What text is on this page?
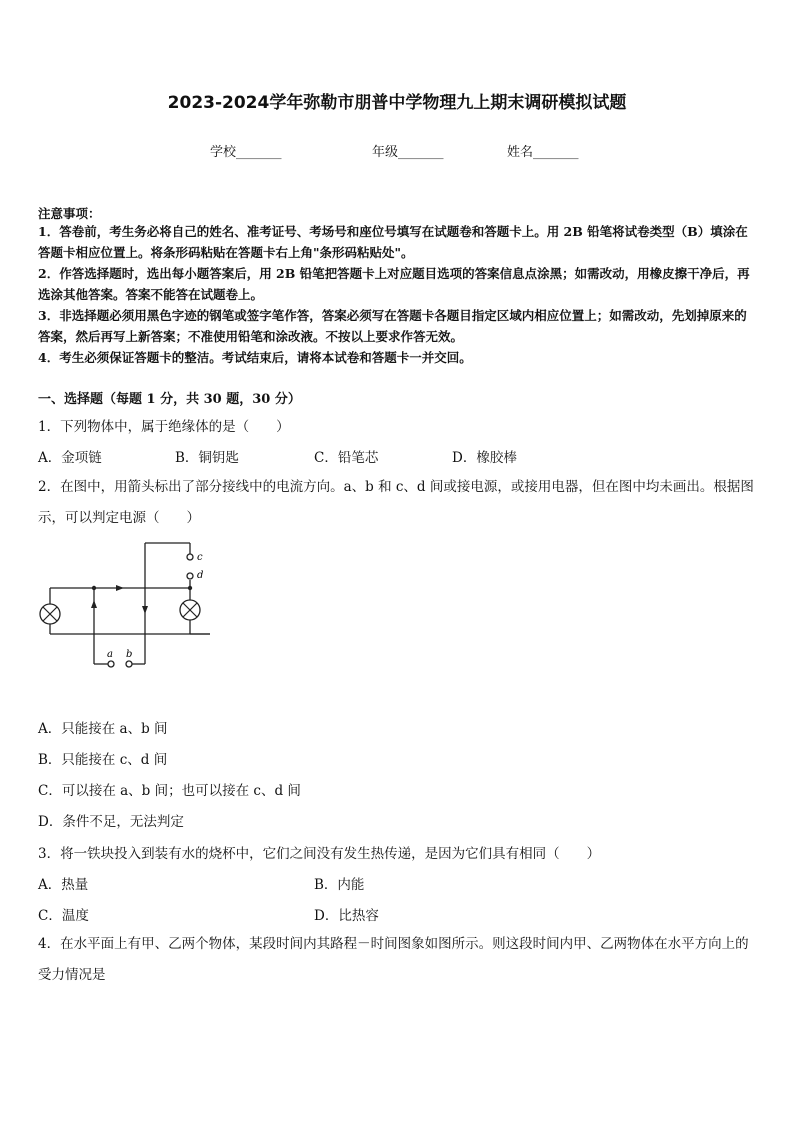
2023-2024学年弥勒市朋普中学物理九上期末调研模拟试题
学校_______	年级_______	姓名_______
注意事项：
1．答卷前，考生务必将自己的姓名、准考证号、考场号和座位号填写在试题卷和答题卡上。用 2B 铅笔将试卷类型（B）填涂在答题卡相应位置上。将条形码粘贴在答题卡右上角"条形码粘贴处"。
2．作答选择题时，选出每小题答案后，用 2B 铅笔把答题卡上对应题目选项的答案信息点涂黑；如需改动，用橡皮擦干净后，再选涂其他答案。答案不能答在试题卷上。
3．非选择题必须用黑色字迹的钢笔或签字笔作答，答案必须写在答题卡各题目指定区域内相应位置上；如需改动，先划掉原来的答案，然后再写上新答案；不准使用铅笔和涂改液。不按以上要求作答无效。
4．考生必须保证答题卡的整洁。考试结束后，请将本试卷和答题卡一并交回。
一、选择题（每题 1 分，共 30 题，30 分）
1．下列物体中，属于绝缘体的是（　　）
A．金项链	B．铜钥匙	C．铅笔芯	D．橡胶棒
2．在图中，用箭头标出了部分接线中的电流方向。a、b 和 c、d 间或接电源，或接用电器，但在图中均未画出。根据图示，可以判定电源（　　）
c
d
a b
A．只能接在 a、b 间
B．只能接在 c、d 间
C．可以接在 a、b 间；也可以接在 c、d 间
D．条件不足，无法判定
3．将一铁块投入到装有水的烧杯中，它们之间没有发生热传递，是因为它们具有相同（　　）
A．热量	B．内能
C．温度	D．比热容
4．在水平面上有甲、乙两个物体，某段时间内其路程－时间图象如图所示。则这段时间内甲、乙两物体在水平方向上的受力情况是
